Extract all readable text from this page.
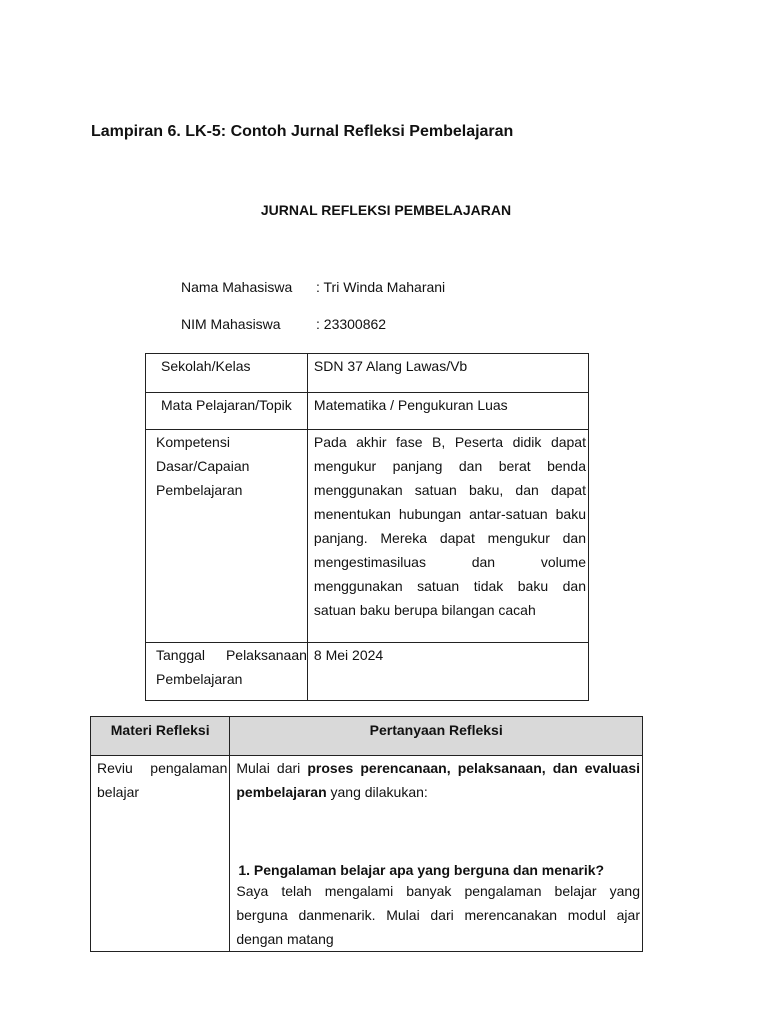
Lampiran 6. LK-5: Contoh Jurnal Refleksi Pembelajaran
JURNAL REFLEKSI PEMBELAJARAN
Nama Mahasiswa : Tri Winda Maharani
NIM Mahasiswa	: 23300862
Sekolah/Kelas	SDN 37 Alang Lawas/Vb
Mata Pelajaran/Topik	Matematika / Pengukuran Luas

Kompetensi Dasar/Capaian Pembelajaran	Pada akhir fase B, Peserta didik dapat mengukur panjang dan berat benda menggunakan satuan baku, dan dapat menentukan hubungan antar-satuan baku panjang. Mereka dapat mengukur dan mengestimasiluas dan volume menggunakan satuan tidak baku dan satuan baku berupa bilangan cacah
Tanggal Pelaksanaan Pembelajaran	8 Mei 2024
Materi Refleksi	Pertanyaan Refleksi
Reviu pengalaman belajar	Mulai dari proses perencanaan, pelaksanaan, dan evaluasi pembelajaran yang dilakukan:
1. Pengalaman belajar apa yang berguna dan menarik?
Saya telah mengalami banyak pengalaman belajar yang berguna danmenarik. Mulai dari merencanakan modul ajar dengan matang
